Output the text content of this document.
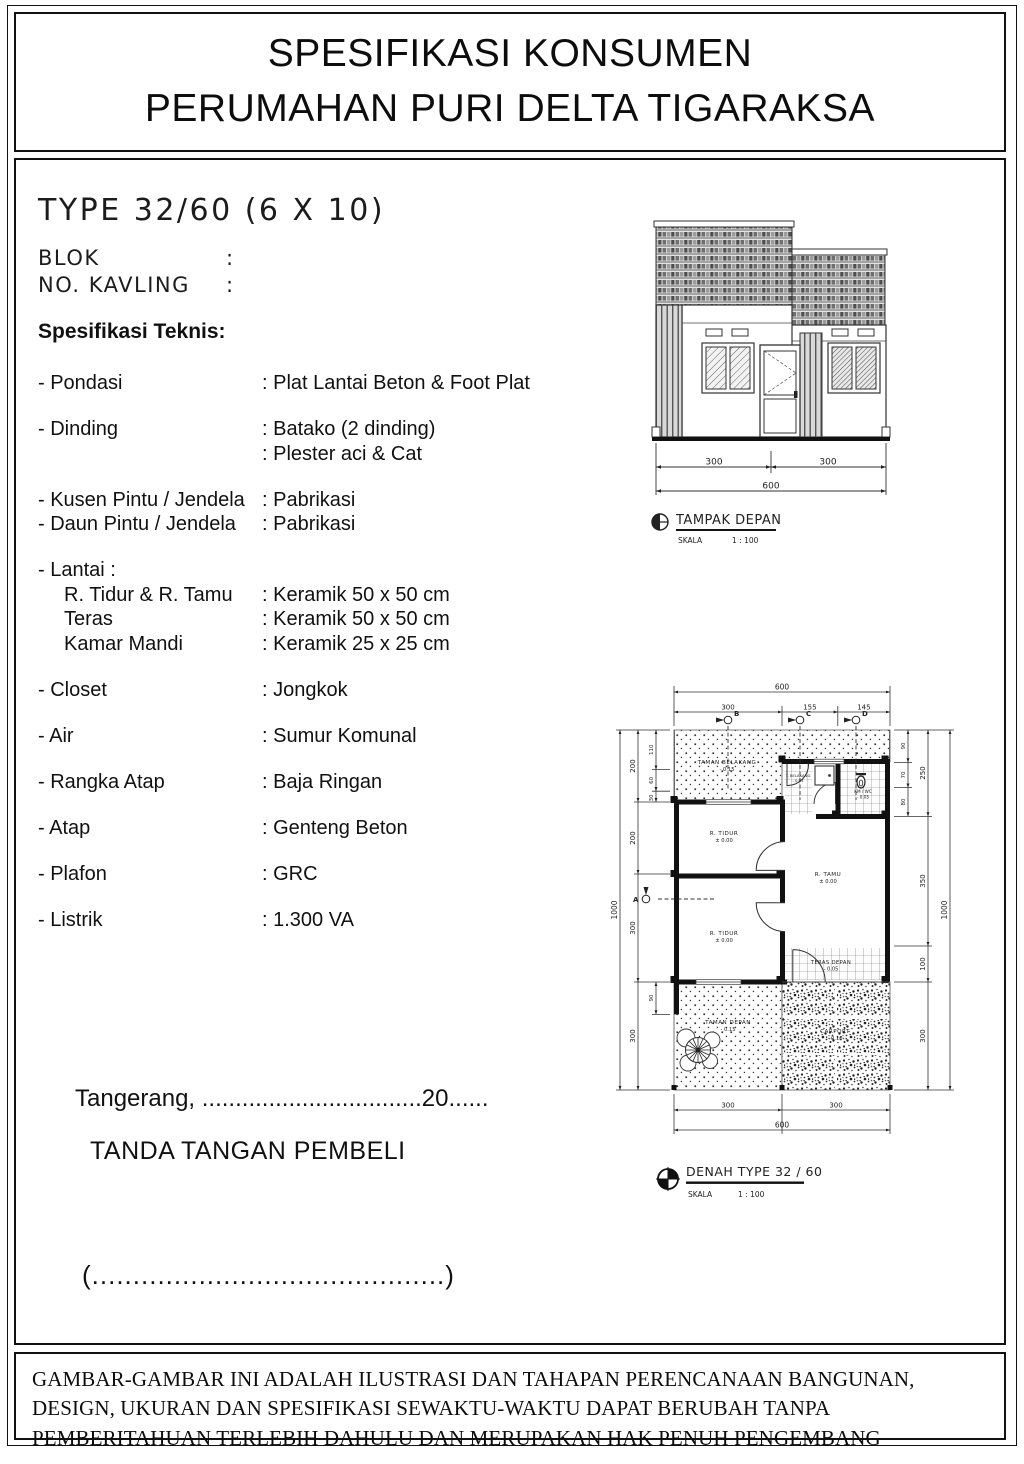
SPESIFIKASI KONSUMEN
PERUMAHAN PURI DELTA TIGARAKSA
TYPE 32/60 (6 X 10)
BLOK	:
NO. KAVLING :
Spesifikasi Teknis:
- Pondasi	: Plat Lantai Beton & Foot Plat
- Dinding	: Batako (2 dinding)
: Plester aci & Cat
- Kusen Pintu / Jendela : Pabrikasi
- Daun Pintu / Jendela : Pabrikasi
- Lantai :
R. Tidur & R. Tamu : Keramik 50 x 50 cm
Teras	: Keramik 50 x 50 cm
Kamar Mandi	: Keramik 25 x 25 cm
- Closet	: Jongkok
- Air	: Sumur Komunal
- Rangka Atap	: Baja Ringan
- Atap	: Genteng Beton
- Plafon	: GRC
- Listrik	: 1.300 VA
300	300
600
TAMPAK DEPAN
SKALA	1 : 100
TAMAN BELAKANG
- 0.15
T. BELAKANG
- 0.05
KM / WC
- 0.05
R. TIDUR
± 0.00
R. TAMU
± 0.00
R. TIDUR
± 0.00
TERAS DEPAN
- 0.05
TAMAN DEPAN
- 0.15	CARPORT
- 0.10
B	C	D
A
600
300	155	145
1000
200
200
300
300
110
60
30
90
90
70
80
250
350
100
300
1000
300	300
600
DENAH TYPE 32 / 60
SKALA	1 : 100
Tangerang, .................................20......
TANDA TANGAN PEMBELI
(...........................................)
GAMBAR-GAMBAR INI ADALAH ILUSTRASI DAN TAHAPAN PERENCANAAN BANGUNAN, DESIGN, UKURAN DAN SPESIFIKASI SEWAKTU-WAKTU DAPAT BERUBAH TANPA PEMBERITAHUAN TERLEBIH DAHULU DAN MERUPAKAN HAK PENUH PENGEMBANG
